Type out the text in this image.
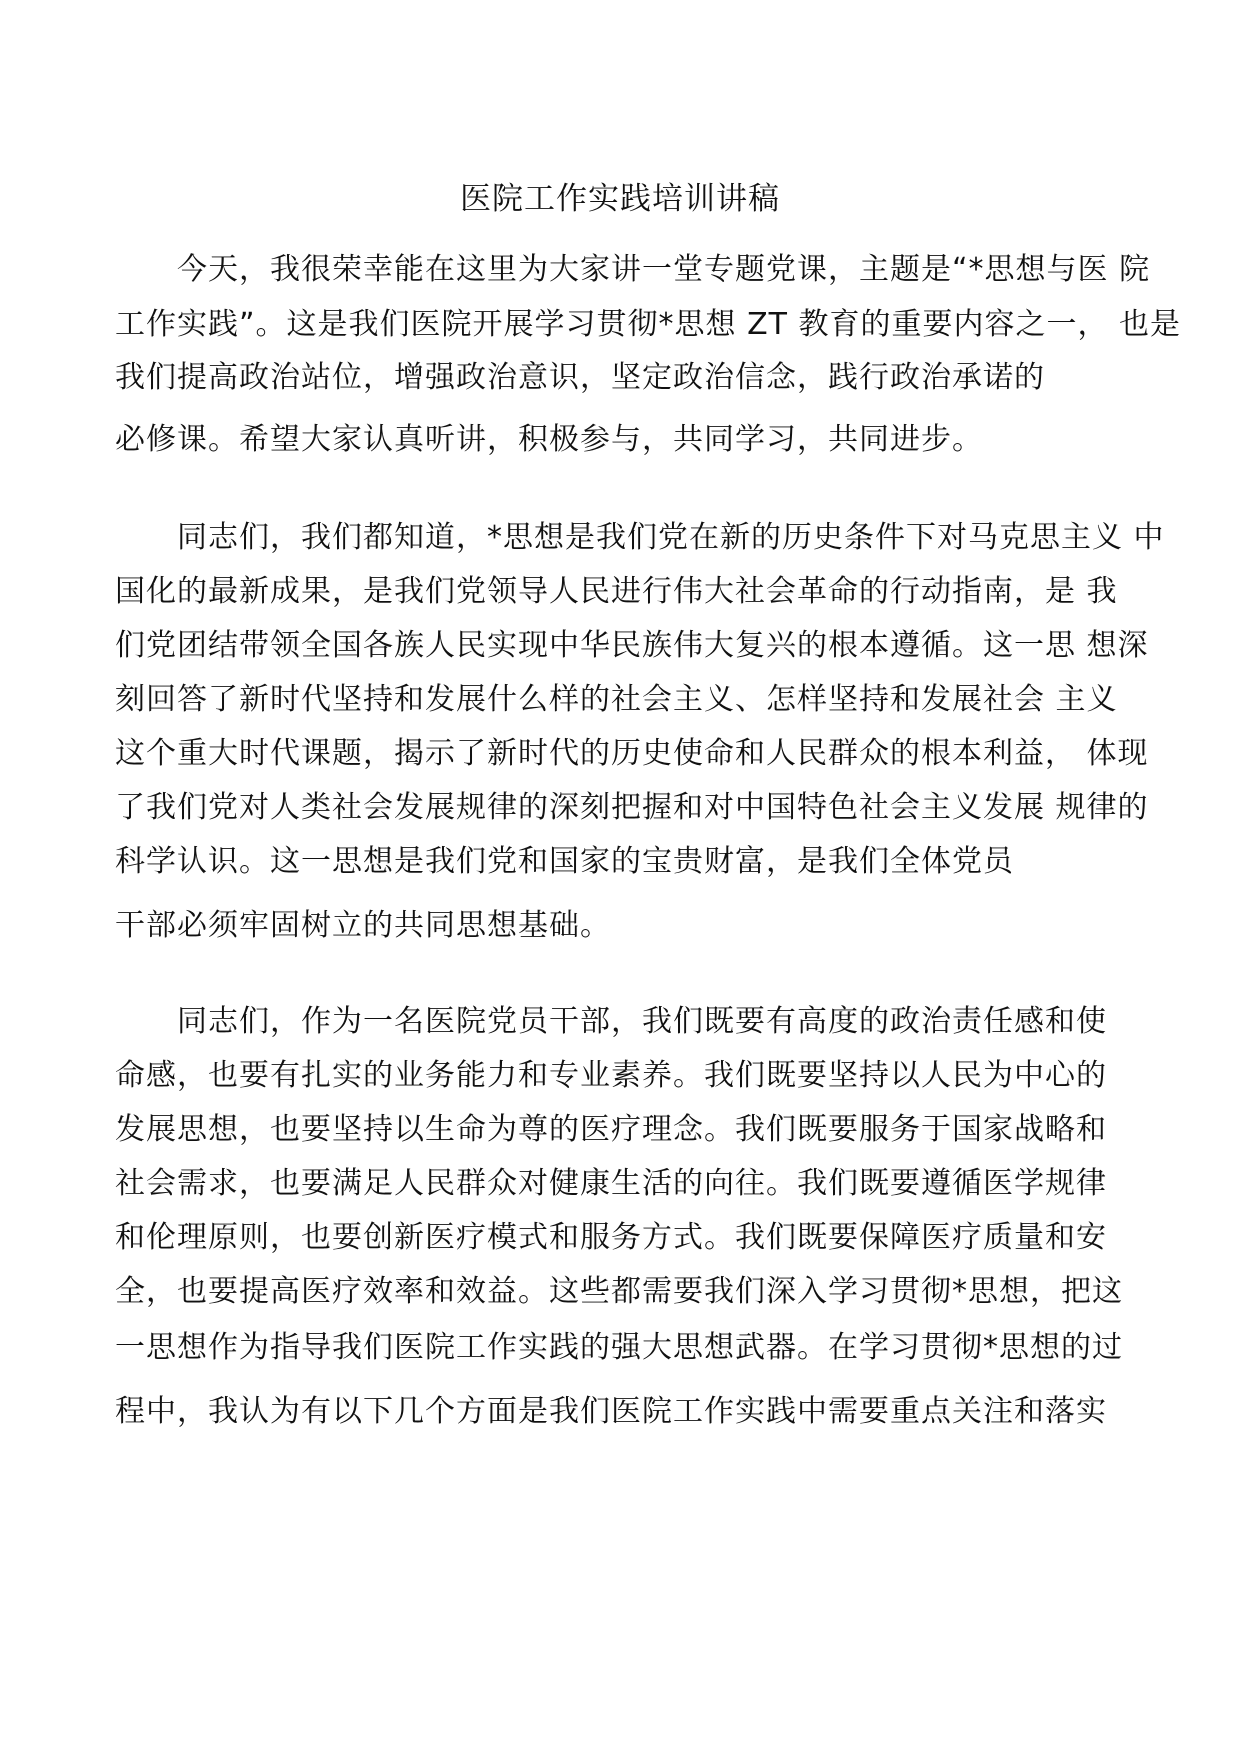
医院工作实践培训讲稿

　　今天，我很荣幸能在这里为大家讲一堂专题党课，主题是“*思想与医 院

工作实践”。这是我们医院开展学习贯彻*思想 ZT 教育的重要内容之一， 也是

我们提高政治站位，增强政治意识，坚定政治信念，践行政治承诺的

必修课。希望大家认真听讲，积极参与，共同学习，共同进步。

　　同志们，我们都知道，*思想是我们党在新的历史条件下对马克思主义 中

国化的最新成果，是我们党领导人民进行伟大社会革命的行动指南，是 我

们党团结带领全国各族人民实现中华民族伟大复兴的根本遵循。这一思 想深

刻回答了新时代坚持和发展什么样的社会主义、怎样坚持和发展社会 主义

这个重大时代课题，揭示了新时代的历史使命和人民群众的根本利益， 体现

了我们党对人类社会发展规律的深刻把握和对中国特色社会主义发展 规律的

科学认识。这一思想是我们党和国家的宝贵财富，是我们全体党员

干部必须牢固树立的共同思想基础。

　　同志们，作为一名医院党员干部，我们既要有高度的政治责任感和使

命感，也要有扎实的业务能力和专业素养。我们既要坚持以人民为中心的

发展思想，也要坚持以生命为尊的医疗理念。我们既要服务于国家战略和

社会需求，也要满足人民群众对健康生活的向往。我们既要遵循医学规律

和伦理原则，也要创新医疗模式和服务方式。我们既要保障医疗质量和安

全，也要提高医疗效率和效益。这些都需要我们深入学习贯彻*思想，把这

一思想作为指导我们医院工作实践的强大思想武器。在学习贯彻*思想的过

程中，我认为有以下几个方面是我们医院工作实践中需要重点关注和落实
